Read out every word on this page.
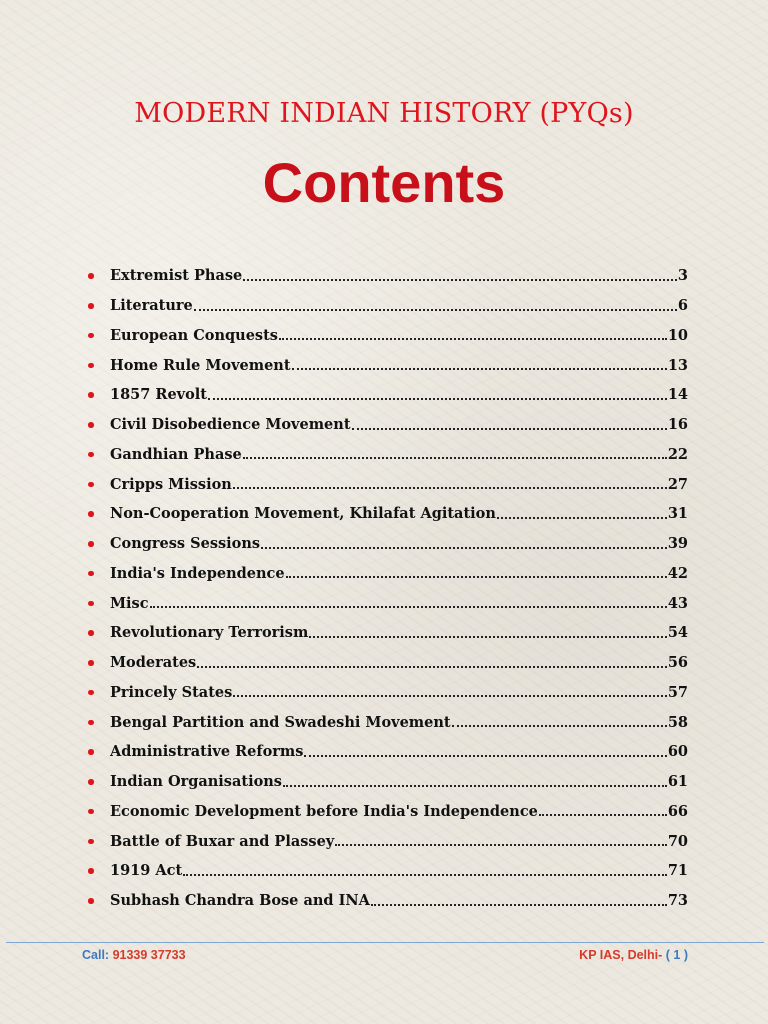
MODERN INDIAN HISTORY (PYQs)
Contents
Extremist Phase	3
Literature	6
European Conquests	10
Home Rule Movement	13
1857 Revolt	14
Civil Disobedience Movement	16
Gandhian Phase	22
Cripps Mission	27
Non-Cooperation Movement, Khilafat Agitation	31
Congress Sessions	39
India's Independence	42
Misc	43
Revolutionary Terrorism	54
Moderates	56
Princely States	57
Bengal Partition and Swadeshi Movement	58
Administrative Reforms	60
Indian Organisations	61
Economic Development before India's Independence	66
Battle of Buxar and Plassey	70
1919 Act	71
Subhash Chandra Bose and INA	73
Call: 91339 37733	KP IAS, Delhi- ( 1 )
